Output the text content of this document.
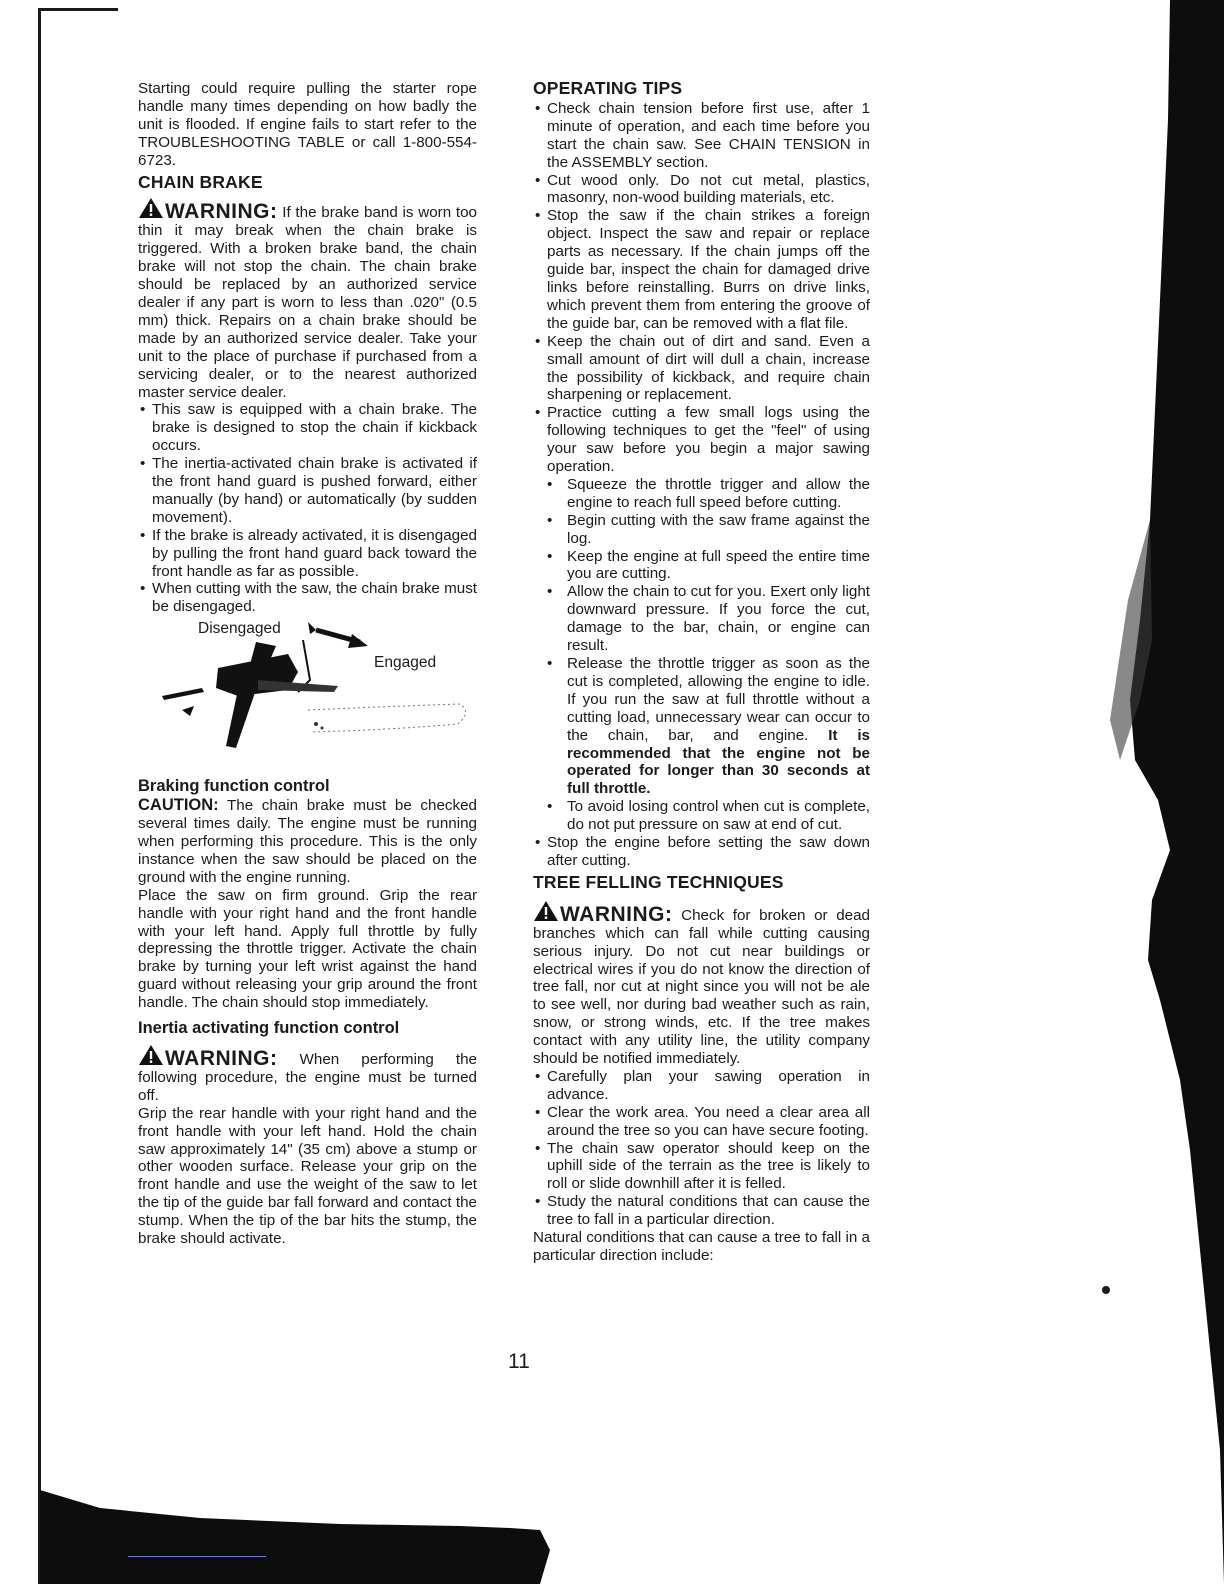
Starting could require pulling the starter rope handle many times depending on how badly the unit is flooded. If engine fails to start refer to the TROUBLESHOOTING TABLE or call 1-800-554-6723.

CHAIN BRAKE

WARNING: If the brake band is worn too thin it may break when the chain brake is triggered. With a broken brake band, the chain brake will not stop the chain. The chain brake should be replaced by an authorized service dealer if any part is worn to less than .020" (0.5 mm) thick. Repairs on a chain brake should be made by an authorized service dealer. Take your unit to the place of purchase if purchased from a servicing dealer, or to the nearest authorized master service dealer.

• This saw is equipped with a chain brake. The brake is designed to stop the chain if kickback occurs.
• The inertia-activated chain brake is activated if the front hand guard is pushed forward, either manually (by hand) or automatically (by sudden movement).
• If the brake is already activated, it is disengaged by pulling the front hand guard back toward the front handle as far as possible.
• When cutting with the saw, the chain brake must be disengaged.
Disengaged
Engaged
Braking function control

CAUTION: The chain brake must be checked several times daily. The engine must be running when performing this procedure. This is the only instance when the saw should be placed on the ground with the engine running.

Place the saw on firm ground. Grip the rear handle with your right hand and the front handle with your left hand. Apply full throttle by fully depressing the throttle trigger. Activate the chain brake by turning your left wrist against the hand guard without releasing your grip around the front handle. The chain should stop immediately.

Inertia activating function control

WARNING: When performing the following procedure, the engine must be turned off.

Grip the rear handle with your right hand and the front handle with your left hand. Hold the chain saw approximately 14" (35 cm) above a stump or other wooden surface. Release your grip on the front handle and use the weight of the saw to let the tip of the guide bar fall forward and contact the stump. When the tip of the bar hits the stump, the brake should activate.

OPERATING TIPS
• Check chain tension before first use, after 1 minute of operation, and each time before you start the chain saw. See CHAIN TENSION in the ASSEMBLY section.
• Cut wood only. Do not cut metal, plastics, masonry, non-wood building materials, etc.
• Stop the saw if the chain strikes a foreign object. Inspect the saw and repair or replace parts as necessary. If the chain jumps off the guide bar, inspect the chain for damaged drive links before reinstalling. Burrs on drive links, which prevent them from entering the groove of the guide bar, can be removed with a flat file.
• Keep the chain out of dirt and sand. Even a small amount of dirt will dull a chain, increase the possibility of kickback, and require chain sharpening or replacement.
• Practice cutting a few small logs using the following techniques to get the "feel" of using your saw before you begin a major sawing operation.
• Squeeze the throttle trigger and allow the engine to reach full speed before cutting.
• Begin cutting with the saw frame against the log.
• Keep the engine at full speed the entire time you are cutting.
• Allow the chain to cut for you. Exert only light downward pressure. If you force the cut, damage to the bar, chain, or engine can result.
• Release the throttle trigger as soon as the cut is completed, allowing the engine to idle. If you run the saw at full throttle without a cutting load, unnecessary wear can occur to the chain, bar, and engine. It is recommended that the engine not be operated for longer than 30 seconds at full throttle.
• To avoid losing control when cut is complete, do not put pressure on saw at end of cut.
• Stop the engine before setting the saw down after cutting.
TREE FELLING TECHNIQUES

WARNING: Check for broken or dead branches which can fall while cutting causing serious injury. Do not cut near buildings or electrical wires if you do not know the direction of tree fall, nor cut at night since you will not be ale to see well, nor during bad weather such as rain, snow, or strong winds, etc. If the tree makes contact with any utility line, the utility company should be notified immediately.

• Carefully plan your sawing operation in advance.
• Clear the work area. You need a clear area all around the tree so you can have secure footing.
• The chain saw operator should keep on the uphill side of the terrain as the tree is likely to roll or slide downhill after it is felled.
• Study the natural conditions that can cause the tree to fall in a particular direction.

Natural conditions that can cause a tree to fall in a particular direction include:

11
